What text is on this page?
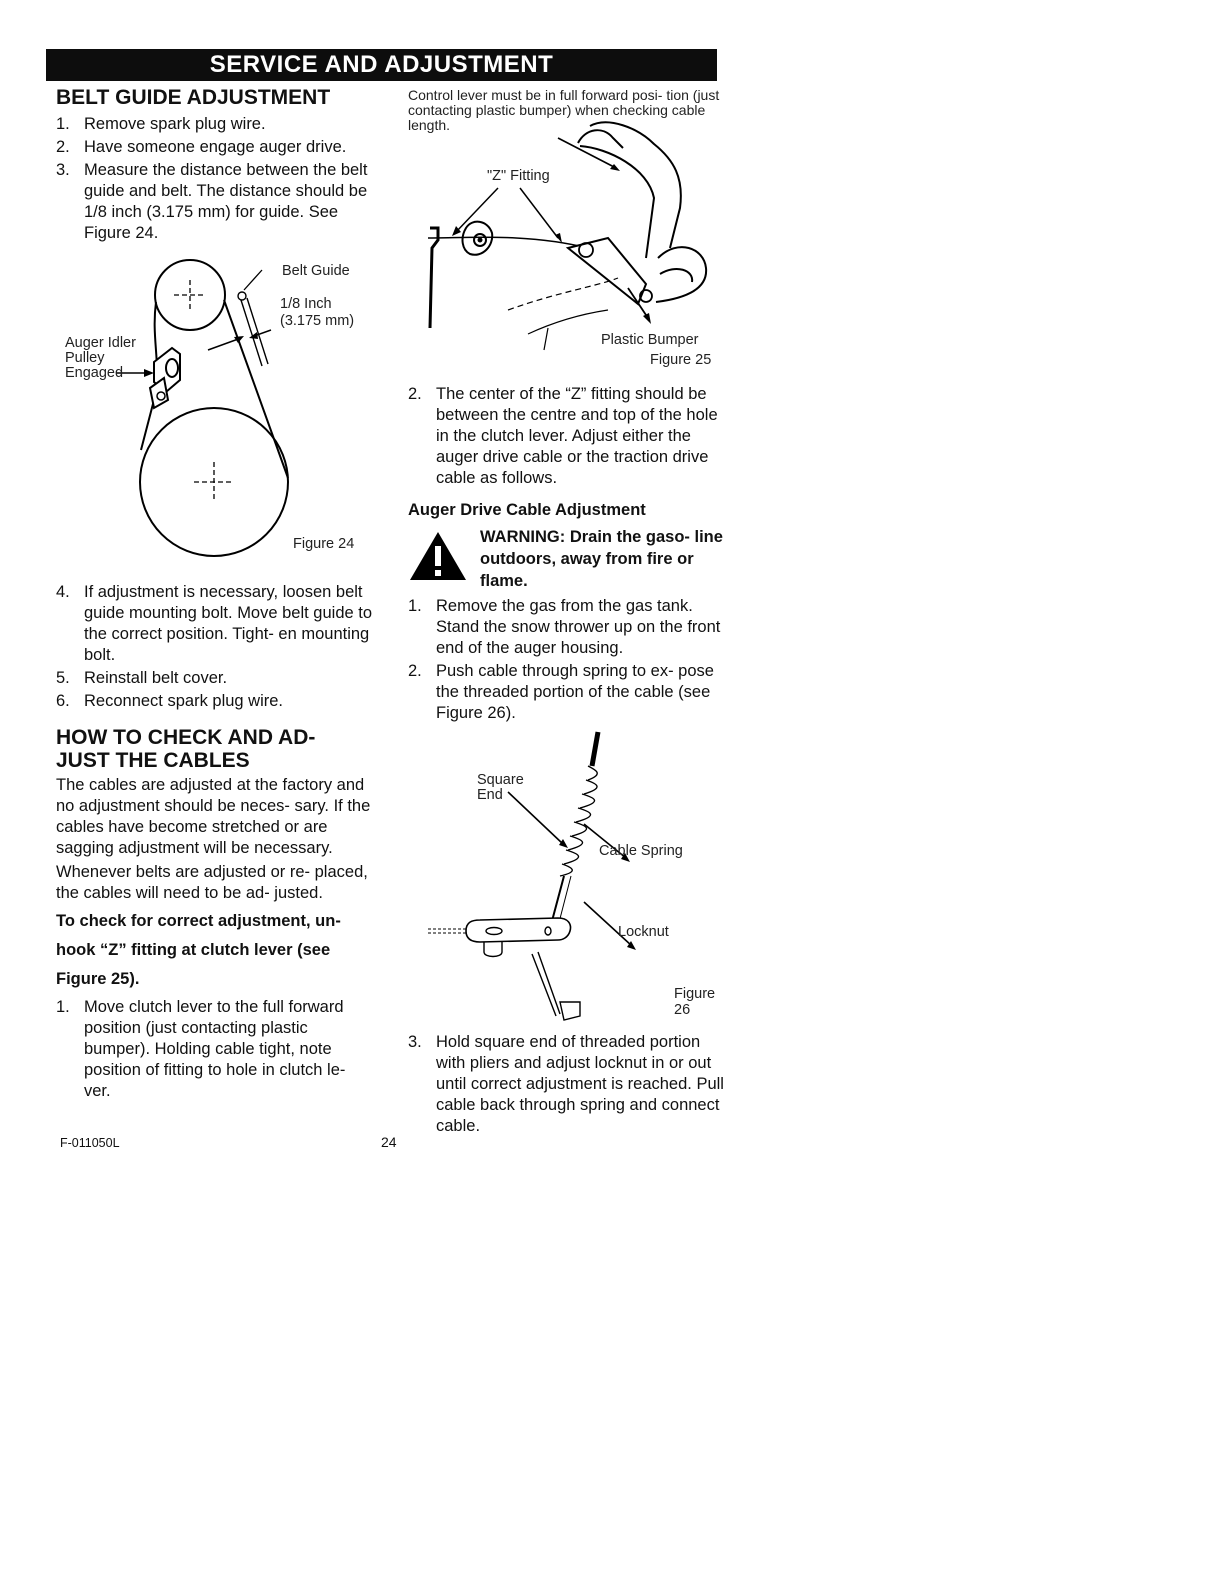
SERVICE AND ADJUSTMENT
BELT GUIDE ADJUSTMENT
1. Remove spark plug wire.
2. Have someone engage auger drive.
3. Measure the distance between the belt guide and belt. The distance should be 1/8 inch (3.175 mm) for guide. See Figure 24.
Belt Guide
1/8 Inch
(3.175 mm)
Auger Idler
Pulley
Engaged
Figure 24
4. If adjustment is necessary, loosen belt guide mounting bolt. Move belt guide to the correct position. Tight- en mounting bolt.
5. Reinstall belt cover.
6. Reconnect spark plug wire.
HOW TO CHECK AND AD-
JUST THE CABLES

The cables are adjusted at the factory and no adjustment should be neces- sary. If the cables have become stretched or are sagging adjustment will be necessary.

Whenever belts are adjusted or re- placed, the cables will need to be ad- justed.

To check for correct adjustment, un- hook “Z” fitting at clutch lever (see Figure 25).

1. Move clutch lever to the full forward position (just contacting plastic bumper). Holding cable tight, note position of fitting to hole in clutch le- ver.

Control lever must be in full forward posi- tion (just contacting plastic bumper) when checking cable length.

"Z" Fitting
Plastic Bumper
Figure 25
2. The center of the “Z” fitting should be between the centre and top of the hole in the clutch lever. Adjust either the auger drive cable or the traction drive cable as follows.
Auger Drive Cable Adjustment
WARNING: Drain the gaso- line outdoors, away from fire or flame.
1. Remove the gas from the gas tank. Stand the snow thrower up on the front end of the auger housing.
2. Push cable through spring to ex- pose the threaded portion of the cable (see Figure 26).
Square
End
Cable Spring
Locknut
Figure 26
3. Hold square end of threaded portion with pliers and adjust locknut in or out until correct adjustment is reached. Pull cable back through spring and connect cable.
F-011050L	24
